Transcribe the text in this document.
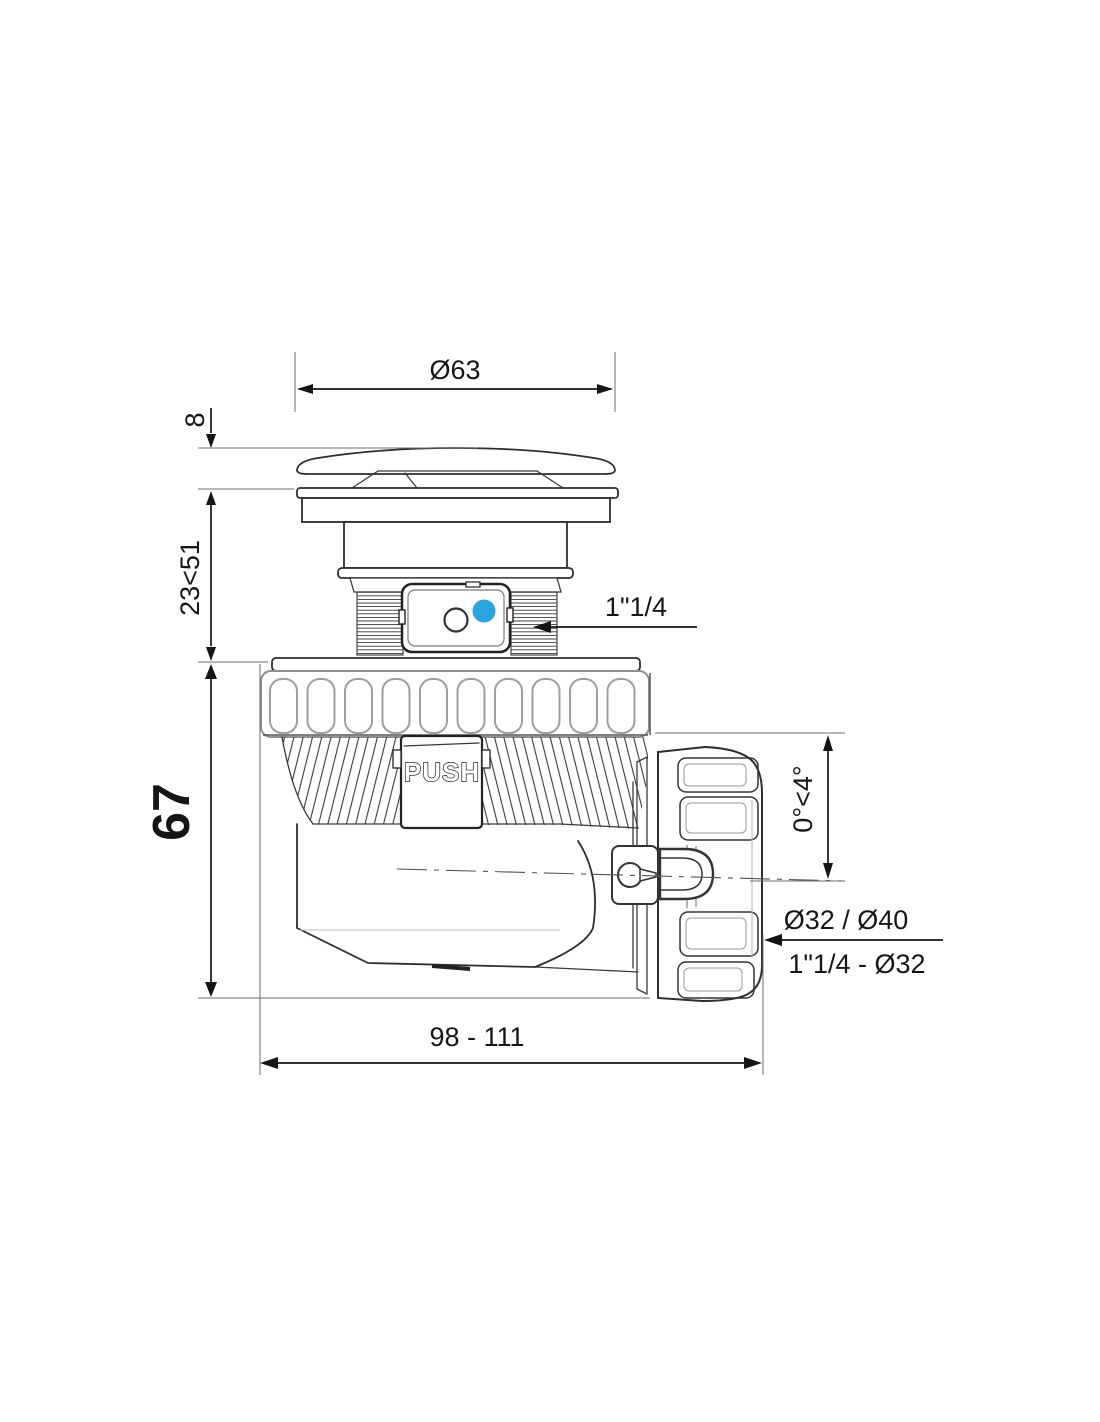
PUSH
Ø63
8
23<51
67
1"1/4
0°<4°
Ø32 / Ø40
1"1/4 - Ø32
98 - 111
